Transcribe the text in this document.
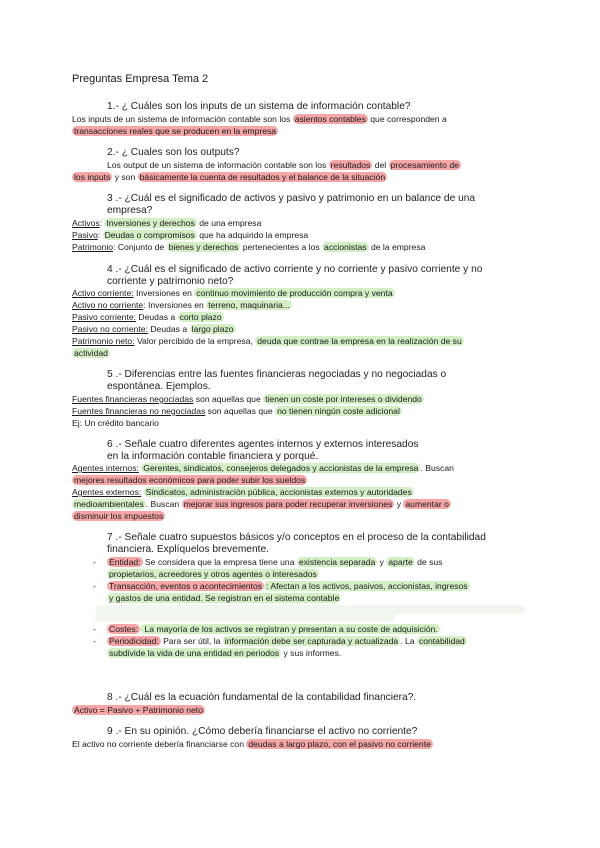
Preguntas Empresa Tema 2
1.- ¿ Cuáles son los inputs de un sistema de información contable?
Los inputs de un sistema de información contable son los asientos contables que corresponden a
transacciones reales que se producen en la empresa
2.- ¿ Cuales son los outputs?
Los output de un sistema de información contable son los resultados del procesamiento de
los inputs y son básicamente la cuenta de resultados y el balance de la situación
3 .- ¿Cuál es el significado de activos y pasivo y patrimonio en un balance de una
empresa?
Activos: Inversiones y derechos de una empresa
Pasivo: Deudas o compromisos que ha adquirido la empresa
Patrimonio: Conjunto de bienes y derechos pertenecientes a los accionistas de la empresa
4 .- ¿Cuál es el significado de activo corriente y no corriente y pasivo corriente y no
corriente y patrimonio neto?
Activo corriente: Inversiones en continuo movimiento de producción compra y venta
Activo no corriente: Inversiones en terreno, maquinaria...
Pasivo corriente: Deudas a corto plazo
Pasivo no corriente: Deudas a largo plazo
Patrimonio neto: Valor percibido de la empresa, deuda que contrae la empresa en la realización de su
actividad
5 .- Diferencias entre las fuentes financieras negociadas y no negociadas o
espontánea. Ejemplos.
Fuentes financieras negociadas son aquellas que tienen un coste por intereses o dividendo
Fuentes financieras no negociadas son aquellas que no tienen ningún coste adicional
Ej: Un crédito bancario
6 .- Señale cuatro diferentes agentes internos y externos interesados
en la información contable financiera y porqué.
Agentes internos: Gerentes, sindicatos, consejeros delegados y accionistas de la empresa . Buscan
mejores resultados económicos para poder subir los sueldos
Agentes externos: Sindicatos, administración pública, accionistas externos y autoridades
medioambientales . Buscan mejorar sus ingresos para poder recuperar inversiones y aumentar o
disminuir los impuestos
7 .- Señale cuatro supuestos básicos y/o conceptos en el proceso de la contabilidad
financiera. Explíquelos brevemente.
- Entidad: Se considera que la empresa tiene una existencia separada y aparte de sus
propietarios, acreedores y otros agentes o interesados
- Transacción, eventos o acontecimientos : Afectan a los activos, pasivos, accionistas, ingresos
y gastos de una entidad. Se registran en el sistema contable
- Costes: La mayoría de los activos se registran y presentan a su coste de adquisición.
- Periodicidad: Para ser útil, la información debe ser capturada y actualizada . La contabilidad
subdivide la vida de una entidad en periodos y sus informes.
8 .- ¿Cuál es la ecuación fundamental de la contabilidad financiera?.
Activo = Pasivo + Patrimonio neto
9 .- En su opinión. ¿Cómo debería financiarse el activo no corriente?
El activo no corriente debería financiarse con deudas a largo plazo, con el pasivo no corriente
